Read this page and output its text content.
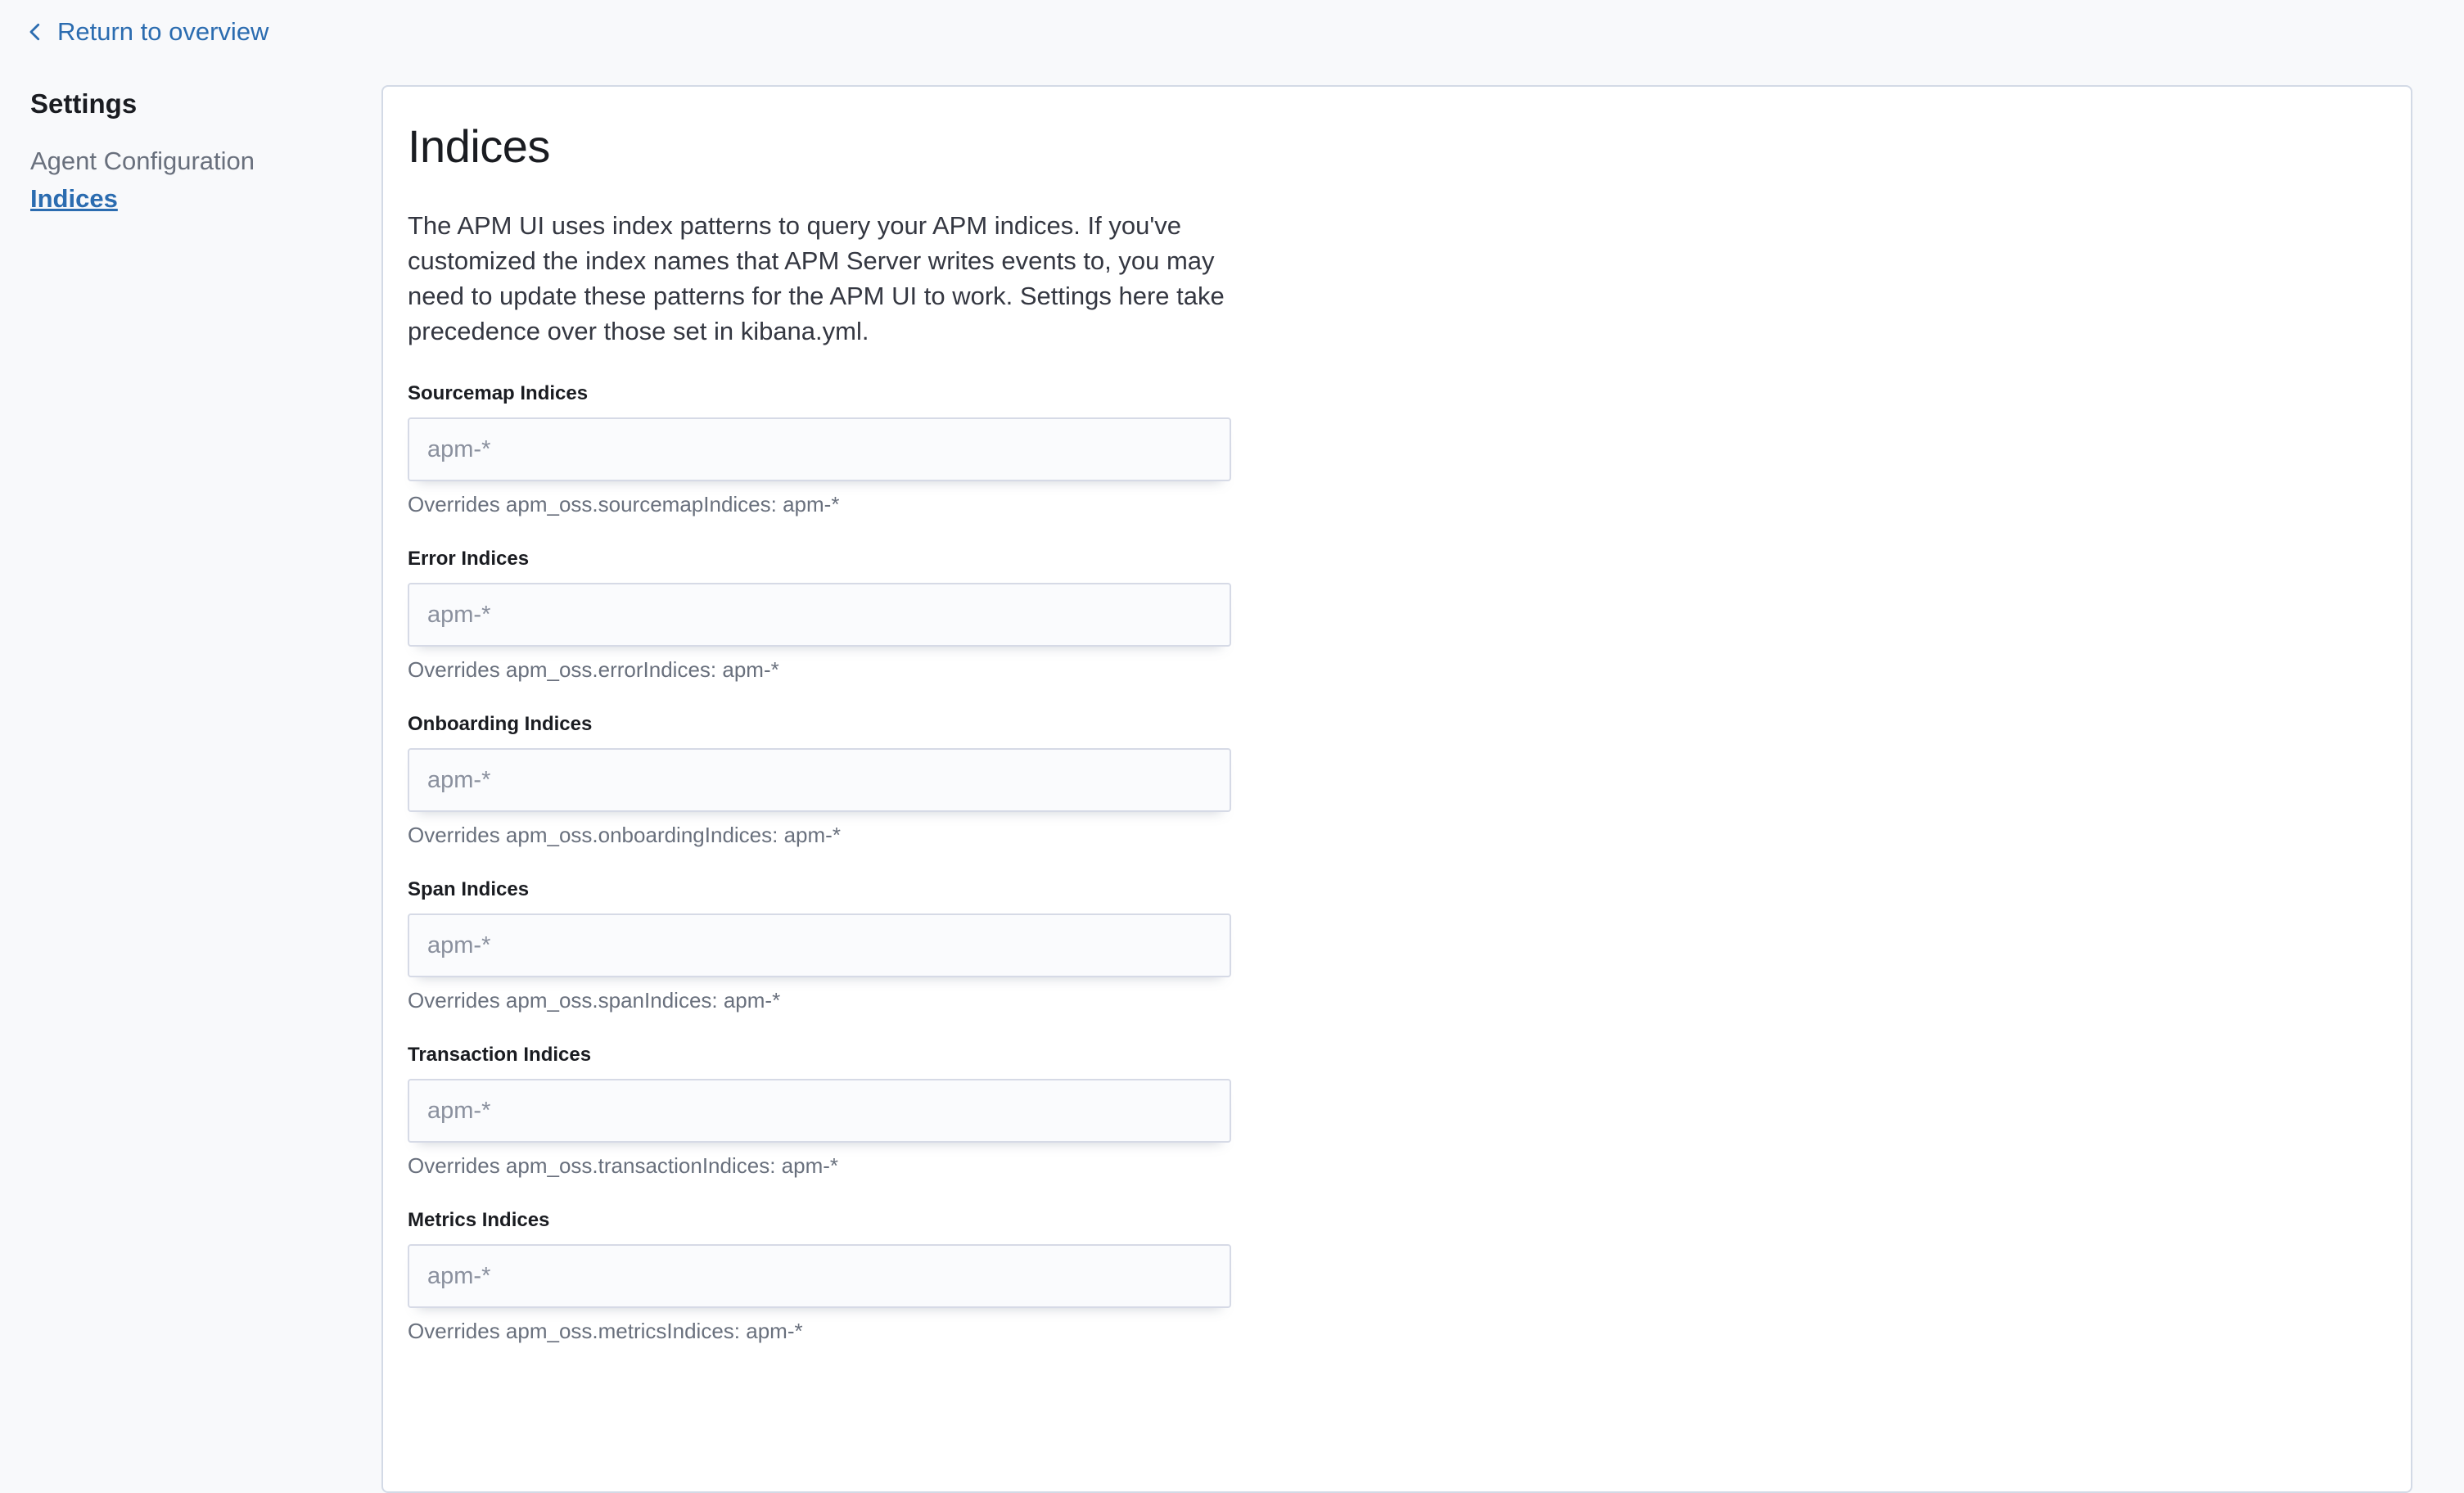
Return to overview
Settings
Agent Configuration
Indices
Indices
The APM UI uses index patterns to query your APM indices. If you've
customized the index names that APM Server writes events to, you may
need to update these patterns for the APM UI to work. Settings here take
precedence over those set in kibana.yml.
Sourcemap Indices
apm-*
Overrides apm_oss.sourcemapIndices: apm-*
Error Indices
apm-*
Overrides apm_oss.errorIndices: apm-*
Onboarding Indices
apm-*
Overrides apm_oss.onboardingIndices: apm-*
Span Indices
apm-*
Overrides apm_oss.spanIndices: apm-*
Transaction Indices
apm-*
Overrides apm_oss.transactionIndices: apm-*
Metrics Indices
apm-*
Overrides apm_oss.metricsIndices: apm-*
